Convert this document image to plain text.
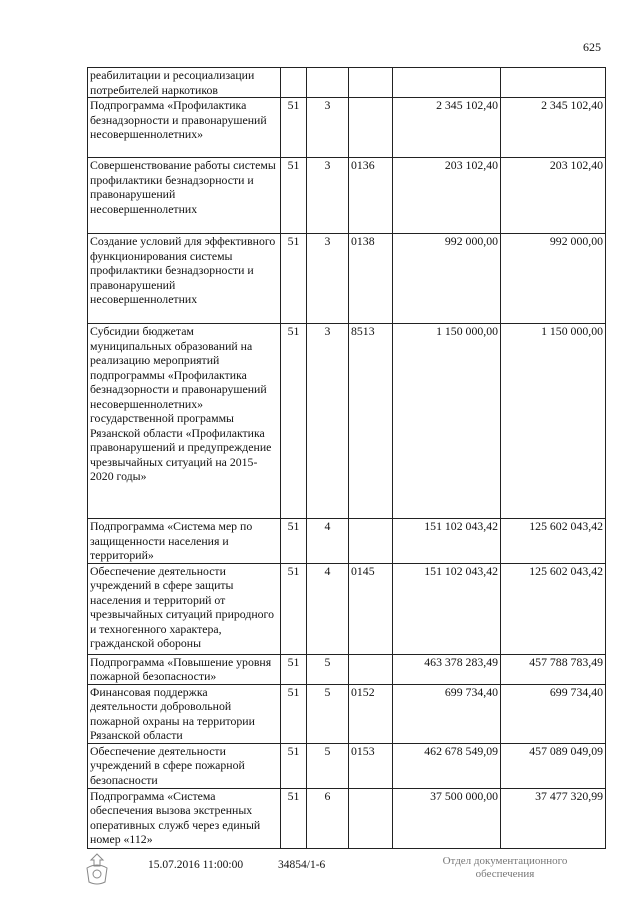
625
реабилитации и ресоциализации потребителей наркотиков					
Подпрограмма «Профилактика безнадзорности и правонарушений несовершеннолетних»	51	3		2 345 102,40	2 345 102,40
Совершенствование работы системы профилактики безнадзорности и правонарушений несовершеннолетних	51	3	0136	203 102,40	203 102,40
Создание условий для эффективного функционирования системы профилактики безнадзорности и правонарушений несовершеннолетних	51	3	0138	992 000,00	992 000,00
Субсидии бюджетам муниципальных образований на реализацию мероприятий подпрограммы «Профилактика безнадзорности и правонарушений несовершеннолетних» государственной программы Рязанской области «Профилактика правонарушений и предупреждение чрезвычайных ситуаций на 2015-2020 годы»	51	3	8513	1 150 000,00	1 150 000,00
Подпрограмма «Система мер по защищенности населения и территорий»	51	4		151 102 043,42	125 602 043,42
Обеспечение деятельности учреждений в сфере защиты населения и территорий от чрезвычайных ситуаций природного и техногенного характера, гражданской обороны	51	4	0145	151 102 043,42	125 602 043,42
Подпрограмма «Повышение уровня пожарной безопасности»	51	5		463 378 283,49	457 788 783,49
Финансовая поддержка деятельности добровольной пожарной охраны на территории Рязанской области	51	5	0152	699 734,40	699 734,40
Обеспечение деятельности учреждений в сфере пожарной безопасности	51	5	0153	462 678 549,09	457 089 049,09
Подпрограмма «Система обеспечения вызова экстренных оперативных служб через единый номер «112»	51	6		37 500 000,00	37 477 320,99
15.07.2016 11:00:00	34854/1-6	Отдел документационного
обеспечения
